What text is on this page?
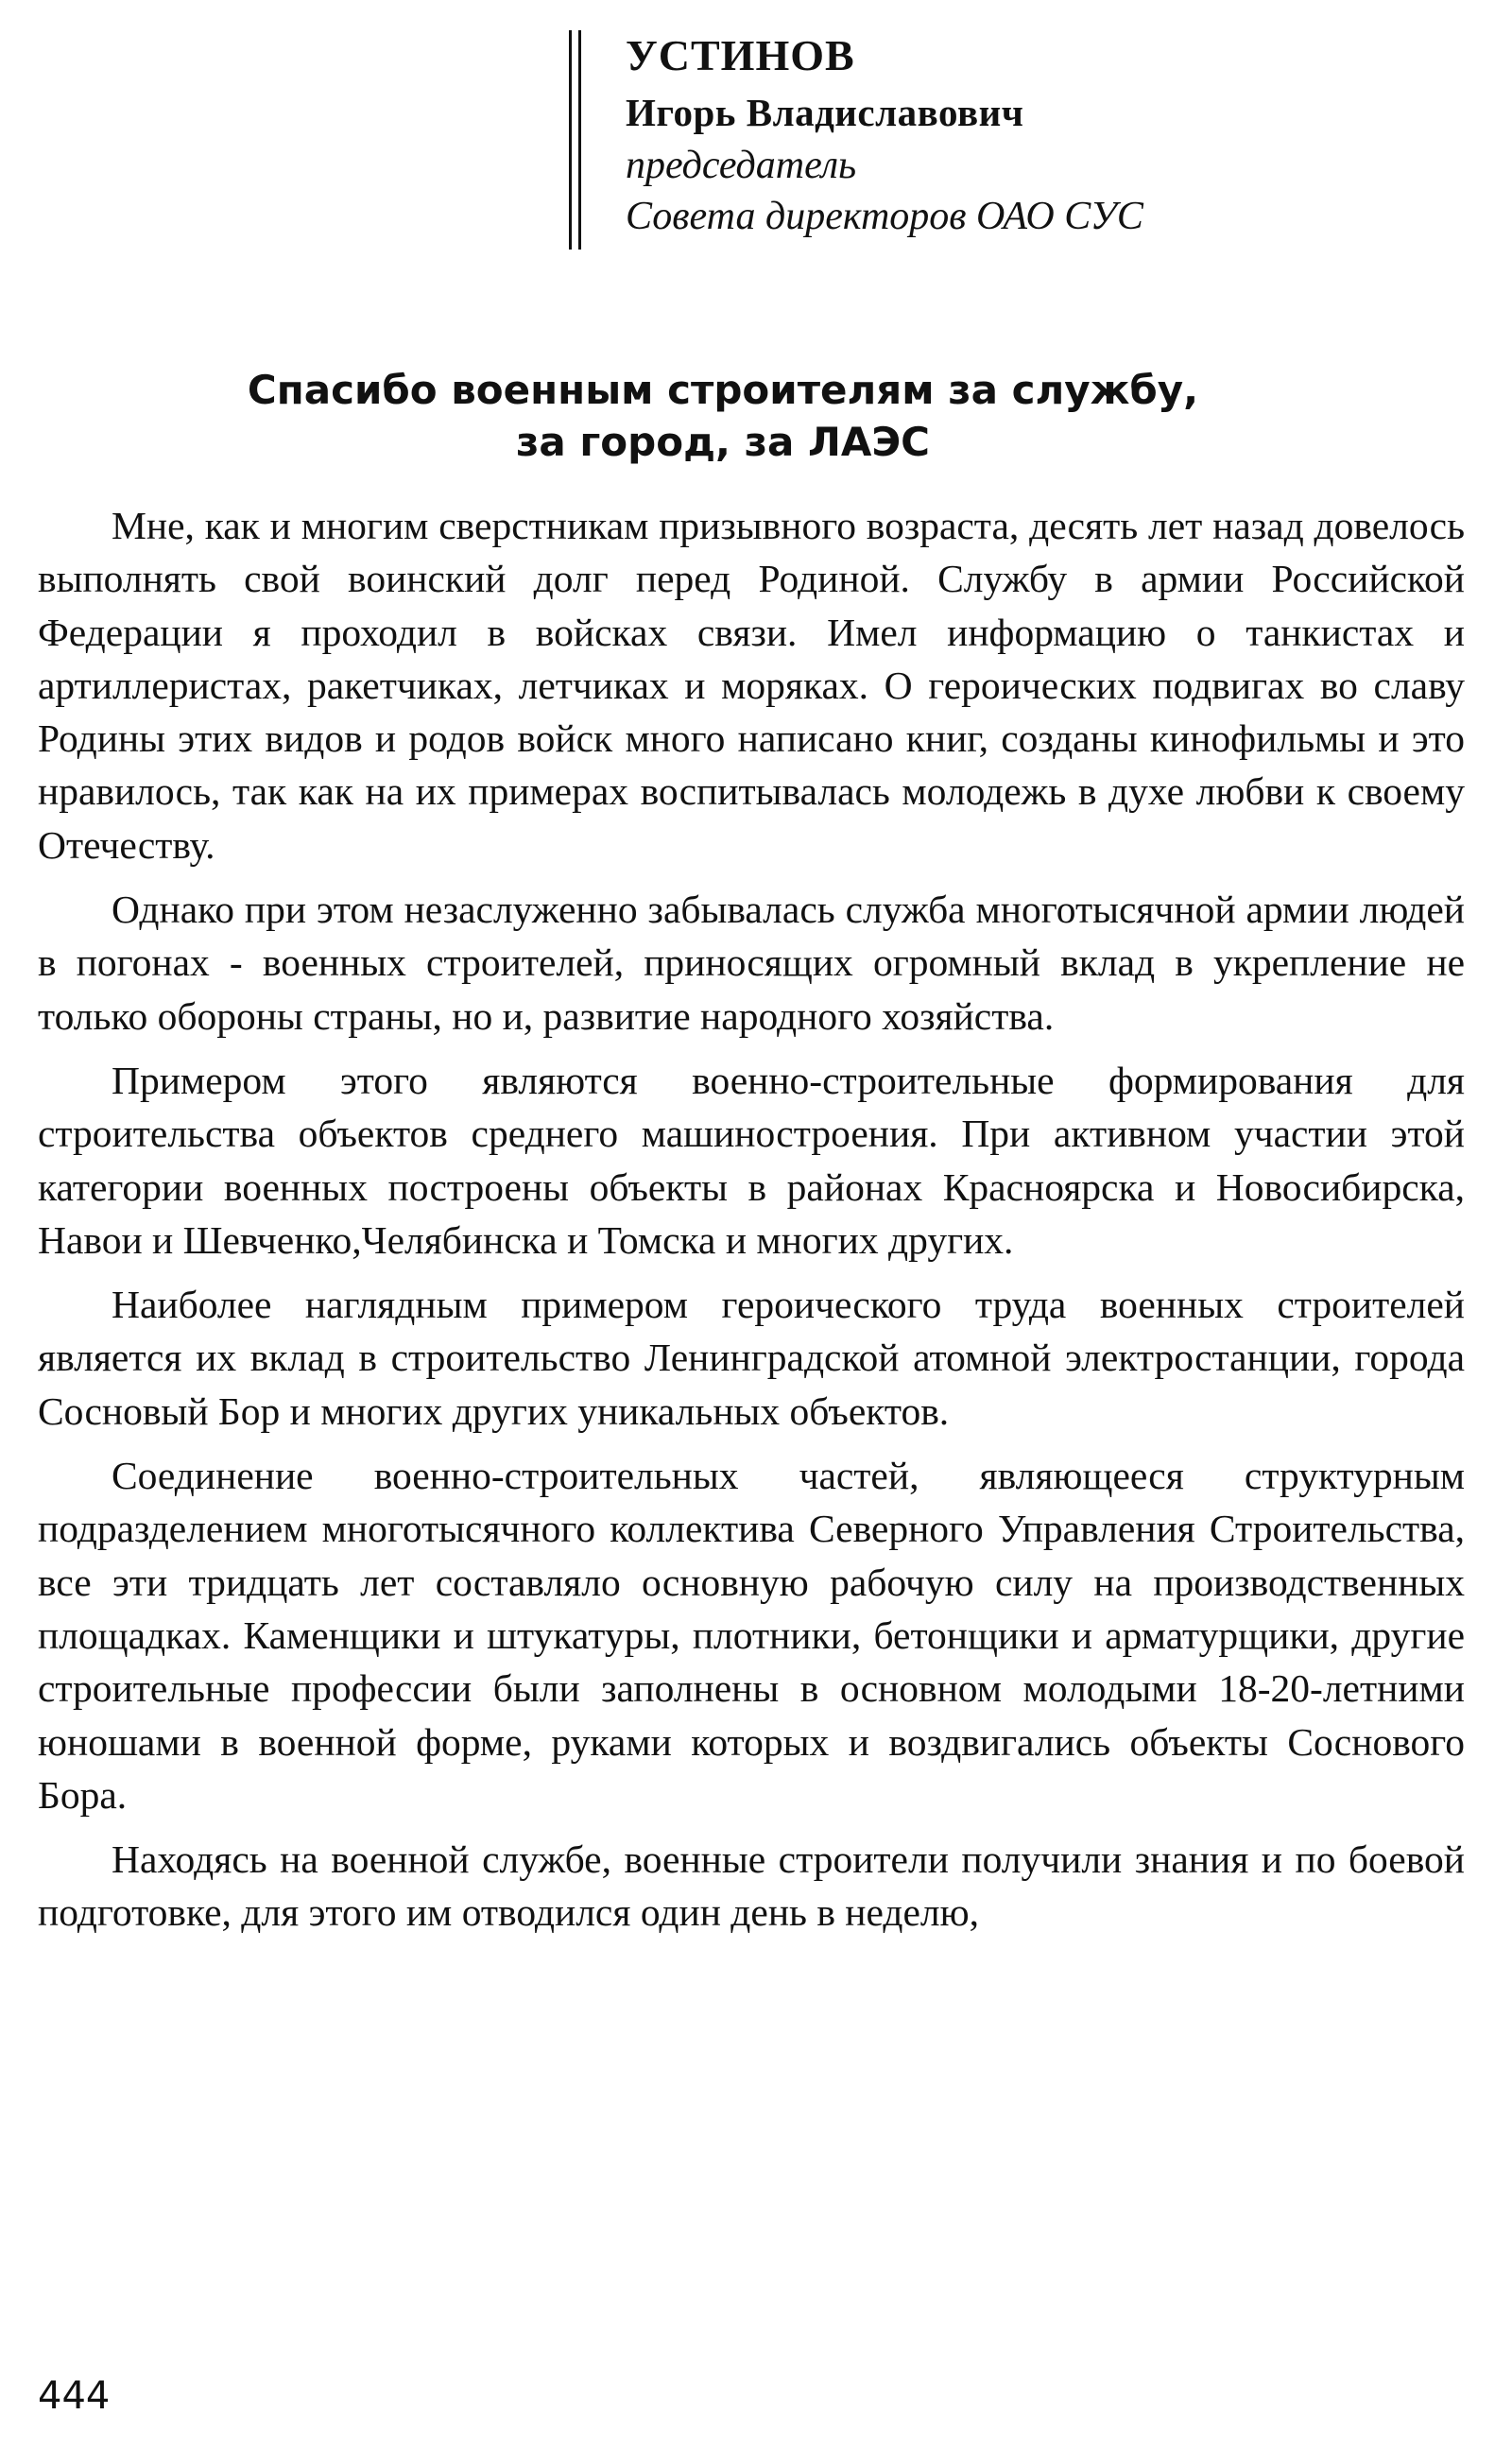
УСТИНОВ
Игорь Владиславович
председатель
Совета директоров ОАО СУС
Спасибо военным строителям за службу,
за город, за ЛАЭС

Мне, как и многим сверстникам призывного возраста, десять лет назад довелось выполнять свой воинский долг перед Родиной. Службу в армии Российской Федерации я проходил в войсках связи. Имел информацию о танкистах и артиллеристах, ракетчиках, летчиках и моряках. О героических подвигах во славу Родины этих видов и родов войск много написано книг, созданы кинофильмы и это нравилось, так как на их примерах воспитывалась молодежь в духе любви к своему Отечеству.

Однако при этом незаслуженно забывалась служба многотысячной армии людей в погонах - военных строителей, приносящих огромный вклад в укрепление не только обороны страны, но и, развитие народного хозяйства.

Примером этого являются военно-строительные формирования для строительства объектов среднего машиностроения. При активном участии этой категории военных построены объекты в районах Красноярска и Новосибирска, Навои и Шевченко,Челябинска и Томска и многих других.

Наиболее наглядным примером героического труда военных строителей является их вклад в строительство Ленинградской атомной электростанции, города Сосновый Бор и многих других уникальных объектов.

Соединение военно-строительных частей, являющееся структурным подразделением многотысячного коллектива Северного Управления Строительства, все эти тридцать лет составляло основную рабочую силу на производственных площадках. Каменщики и штукатуры, плотники, бетонщики и арматурщики, другие строительные профессии были заполнены в основном молодыми 18-20-летними юношами в военной форме, руками которых и воздвигались объекты Соснового Бора.

Находясь на военной службе, военные строители получили знания и по боевой подготовке, для этого им отводился один день в неделю,

444
